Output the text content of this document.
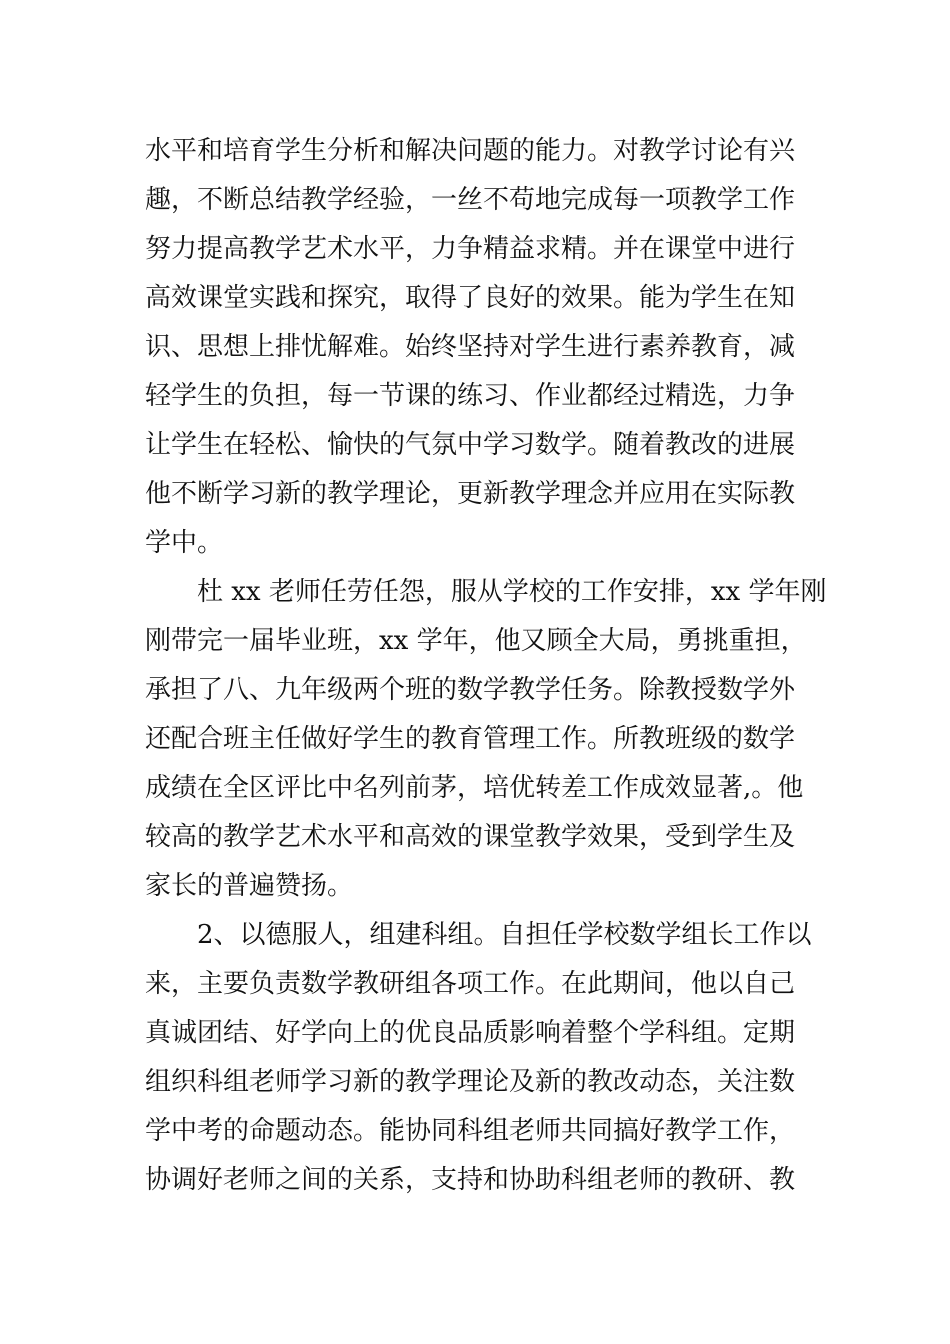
水平和培育学生分析和解决问题的能力。对教学讨论有兴
趣，不断总结教学经验，一丝不苟地完成每一项教学工作
努力提高教学艺术水平，力争精益求精。并在课堂中进行
高效课堂实践和探究，取得了良好的效果。能为学生在知
识、思想上排忧解难。始终坚持对学生进行素养教育，减
轻学生的负担，每一节课的练习、作业都经过精选，力争
让学生在轻松、愉快的气氛中学习数学。随着教改的进展
他不断学习新的教学理论，更新教学理念并应用在实际教
学中。
杜 xx 老师任劳任怨，服从学校的工作安排，xx 学年刚
刚带完一届毕业班，xx 学年，他又顾全大局，勇挑重担，
承担了八、九年级两个班的数学教学任务。除教授数学外
还配合班主任做好学生的教育管理工作。所教班级的数学
成绩在全区评比中名列前茅，培优转差工作成效显著,。他
较高的教学艺术水平和高效的课堂教学效果，受到学生及
家长的普遍赞扬。
2、以德服人，组建科组。自担任学校数学组长工作以
来，主要负责数学教研组各项工作。在此期间，他以自己
真诚团结、好学向上的优良品质影响着整个学科组。定期
组织科组老师学习新的教学理论及新的教改动态，关注数
学中考的命题动态。能协同科组老师共同搞好教学工作，
协调好老师之间的关系，支持和协助科组老师的教研、教
